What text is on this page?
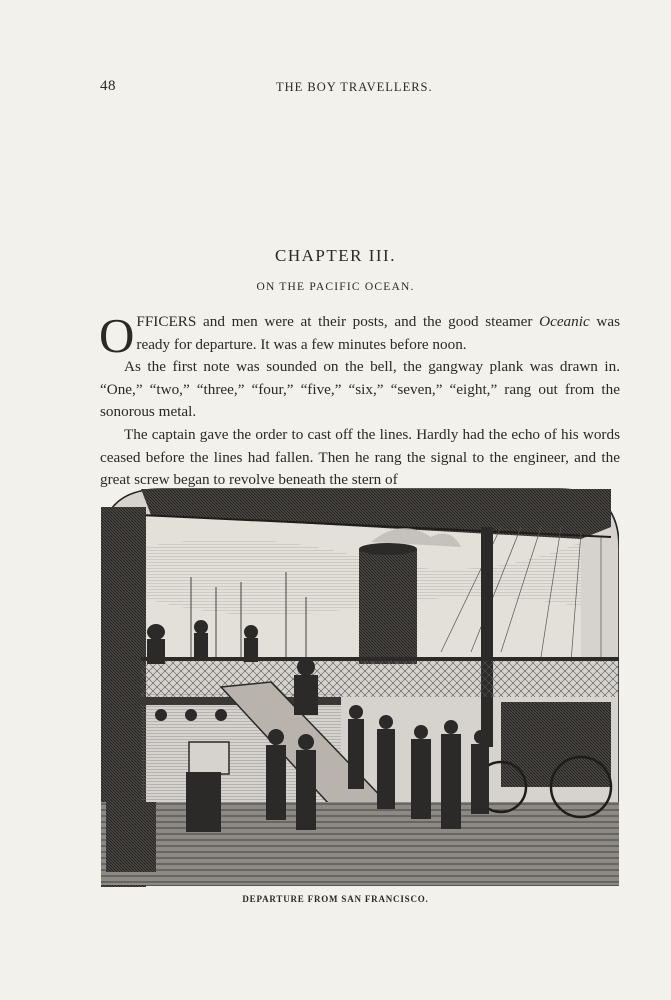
48	THE BOY TRAVELLERS.
CHAPTER III.
ON THE PACIFIC OCEAN.

OFFICERS and men were at their posts, and the good steamer Oceanic was ready for departure. It was a few minutes before noon.

As the first note was sounded on the bell, the gangway plank was drawn in. “One,” “two,” “three,” “four,” “five,” “six,” “seven,” “eight,” rang out from the sonorous metal.

The captain gave the order to cast off the lines. Hardly had the echo of his words ceased before the lines had fallen. Then he rang the signal to the engineer, and the great screw began to revolve beneath the stern of

DEPARTURE FROM SAN FRANCISCO.
